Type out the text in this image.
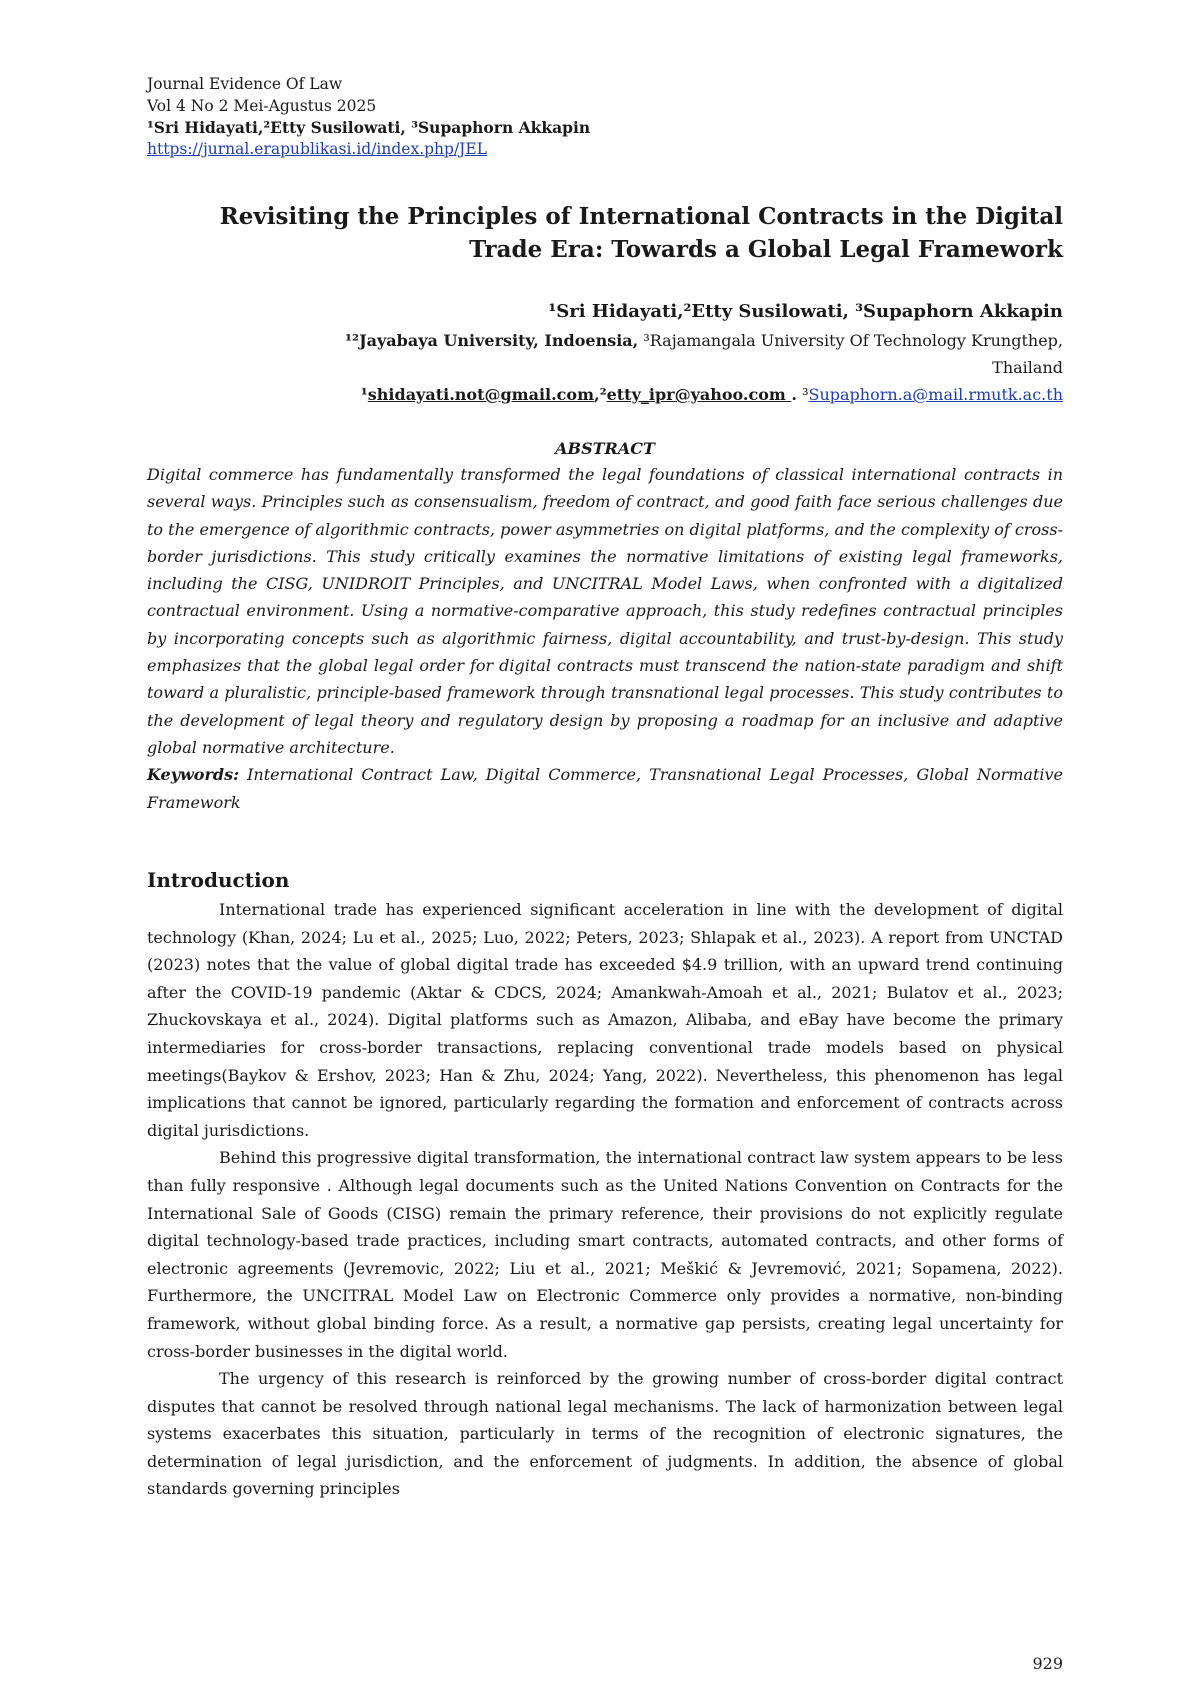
Journal Evidence Of Law
Vol 4 No 2 Mei-Agustus 2025
¹Sri Hidayati,²Etty Susilowati, ³Supaphorn Akkapin
https://jurnal.erapublikasi.id/index.php/JEL
Revisiting the Principles of International Contracts in the Digital
Trade Era: Towards a Global Legal Framework
¹Sri Hidayati,²Etty Susilowati, ³Supaphorn Akkapin
¹²Jayabaya University, Indoensia, ³Rajamangala University Of Technology Krungthep,
Thailand
¹shidayati.not@gmail.com,²etty_ipr@yahoo.com . ³Supaphorn.a@mail.rmutk.ac.th

ABSTRACT

Digital commerce has fundamentally transformed the legal foundations of classical international contracts in several ways. Principles such as consensualism, freedom of contract, and good faith face serious challenges due to the emergence of algorithmic contracts, power asymmetries on digital platforms, and the complexity of cross-border jurisdictions. This study critically examines the normative limitations of existing legal frameworks, including the CISG, UNIDROIT Principles, and UNCITRAL Model Laws, when confronted with a digitalized contractual environment. Using a normative-comparative approach, this study redefines contractual principles by incorporating concepts such as algorithmic fairness, digital accountability, and trust-by-design. This study emphasizes that the global legal order for digital contracts must transcend the nation-state paradigm and shift toward a pluralistic, principle-based framework through transnational legal processes. This study contributes to the development of legal theory and regulatory design by proposing a roadmap for an inclusive and adaptive global normative architecture.

Keywords: International Contract Law, Digital Commerce, Transnational Legal Processes, Global Normative Framework

Introduction

International trade has experienced significant acceleration in line with the development of digital technology (Khan, 2024; Lu et al., 2025; Luo, 2022; Peters, 2023; Shlapak et al., 2023). A report from UNCTAD (2023) notes that the value of global digital trade has exceeded $4.9 trillion, with an upward trend continuing after the COVID-19 pandemic (Aktar & CDCS, 2024; Amankwah-Amoah et al., 2021; Bulatov et al., 2023; Zhuckovskaya et al., 2024). Digital platforms such as Amazon, Alibaba, and eBay have become the primary intermediaries for cross-border transactions, replacing conventional trade models based on physical meetings(Baykov & Ershov, 2023; Han & Zhu, 2024; Yang, 2022). Nevertheless, this phenomenon has legal implications that cannot be ignored, particularly regarding the formation and enforcement of contracts across digital jurisdictions.

Behind this progressive digital transformation, the international contract law system appears to be less than fully responsive . Although legal documents such as the United Nations Convention on Contracts for the International Sale of Goods (CISG) remain the primary reference, their provisions do not explicitly regulate digital technology-based trade practices, including smart contracts, automated contracts, and other forms of electronic agreements (Jevremovic, 2022; Liu et al., 2021; Meškić & Jevremović, 2021; Sopamena, 2022). Furthermore, the UNCITRAL Model Law on Electronic Commerce only provides a normative, non-binding framework, without global binding force. As a result, a normative gap persists, creating legal uncertainty for cross-border businesses in the digital world.

The urgency of this research is reinforced by the growing number of cross-border digital contract disputes that cannot be resolved through national legal mechanisms. The lack of harmonization between legal systems exacerbates this situation, particularly in terms of the recognition of electronic signatures, the determination of legal jurisdiction, and the enforcement of judgments. In addition, the absence of global standards governing principles

929
